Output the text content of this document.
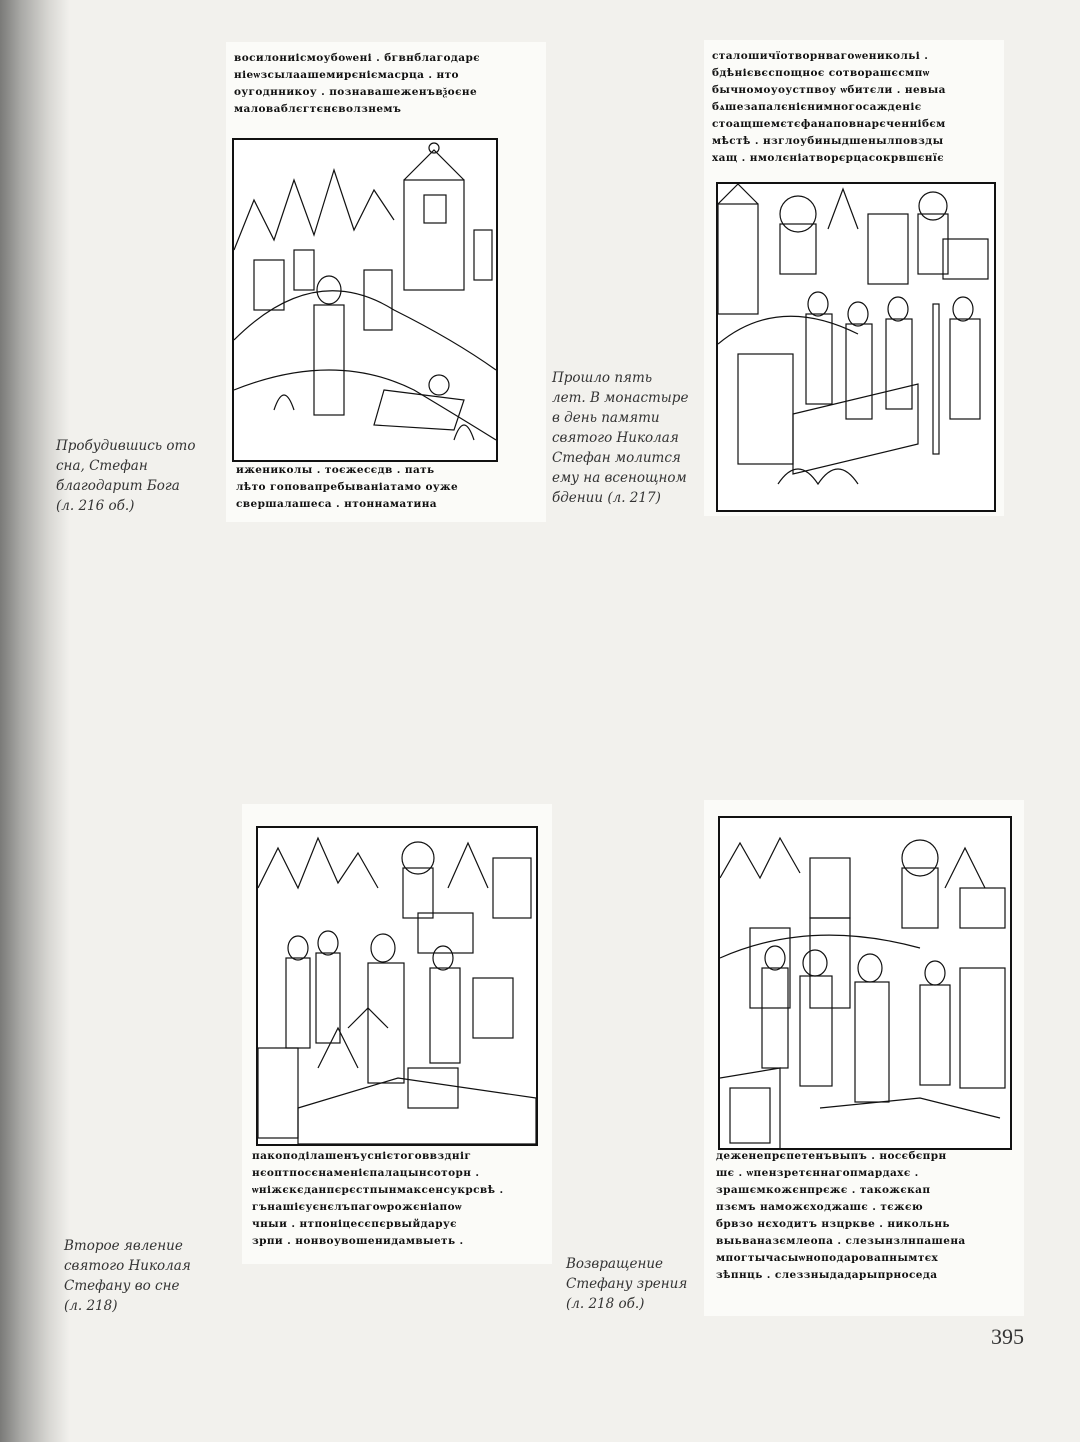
восилониісмоуб​о​ѡе​ні . бгвнбл​агодарє
ніеѡзсылаа​шемирєніємасрца . нто
оугоднникоу . познава​шеже​нъвѯоєне
маловаблєгтєнєволзнемъ
иже​николы . тоєжесєдв . па​ть
лѣто гоповапребываніатамо оуже
свершалашеса . нтоннамати​на
сталошичїотворнвагоѡеникольі .
бдѣнієвєспощноє сотворашєсмпѡ
бычномоуоустпвоу ѡбитєли . невыа
бѧшезапалєнієнимногосажденіє
стоащшемєтєфанаповнарєченнібєм
мѣстѣ . нзглоубиныдшенылповзды
хащ . нмолєніатворєрцасокрвшєнїє
пакоподілашенъуснієтоговвздніг
нєоптпосє​на​меніє​палацынсоторн .
ѡніжєкєданпєрєстпынмаксенсукрсвѣ .
гънашієуєнєлъпагоѡрожєніапоѡ
чныи . нтпоніцесєпєрвыйдарує
зрпи . нонвоувошенидамвыеть .
деженепрєпетенъвыпъ . носєбєпрн
шє . ѡпензретєннагопмардахє .
зрашємкожєнпрєжє . такожєкап
пзємъ наможєходжашє . тєжєю
брвзо нєходитъ нзцркве . никольнь
вы​ь​ваназємлеопа . слезынзлнпашена
мпогтычасыѡноподаровапнымтєх
зѣпнць . слеззныдадарыпрноседа
Пробудившись ото
сна, Стефан
благодарит Бога
(л. 216 об.)
Прошло пять
лет. В монастыре
в день памяти
святого Николая
Стефан молится
ему на всенощном
бдении (л. 217)
Второе явление
святого Николая
Стефану во сне
(л. 218)
Возвращение
Стефану зрения
(л. 218 об.)
395
